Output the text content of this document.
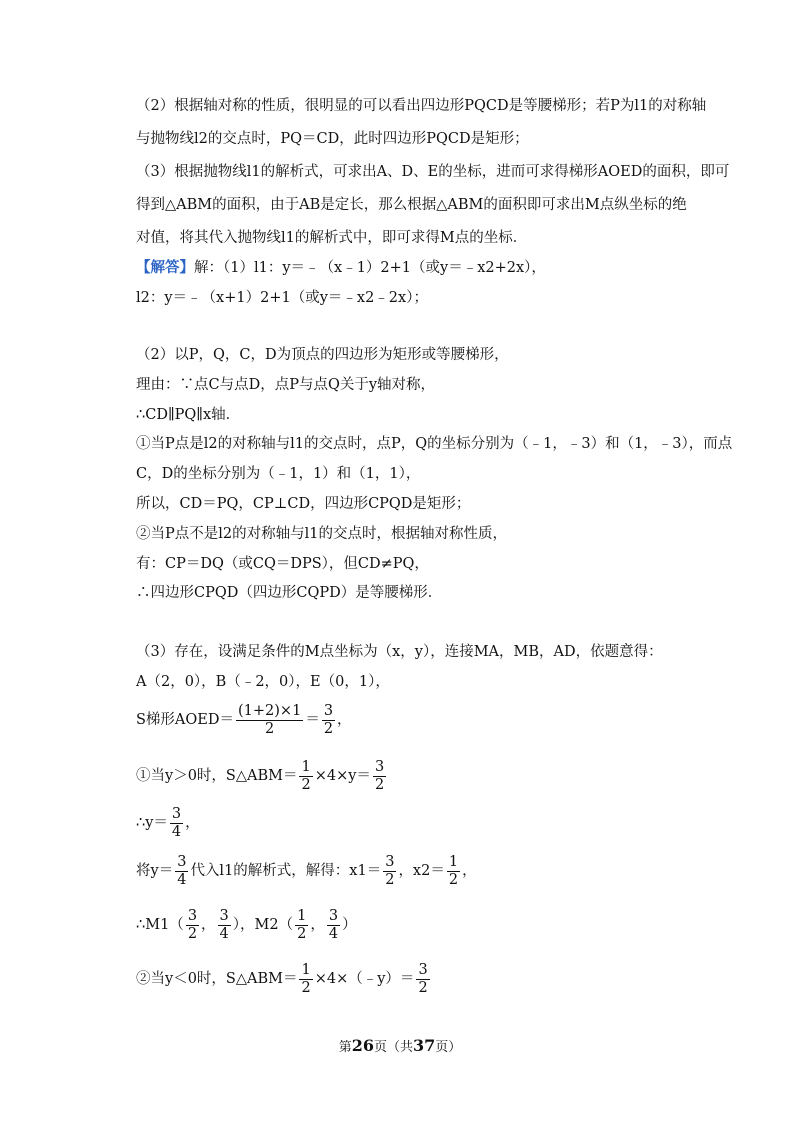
（2）根据轴对称的性质，很明显的可以看出四边形PQCD是等腰梯形；若P为l1的对称轴
与抛物线l2的交点时，PQ＝CD，此时四边形PQCD是矩形；
（3）根据抛物线l1的解析式，可求出A、D、E的坐标，进而可求得梯形AOED的面积，即可
得到△ABM的面积，由于AB是定长，那么根据△ABM的面积即可求出M点纵坐标的绝
对值，将其代入抛物线l1的解析式中，即可求得M点的坐标．
【解答】解：（1）l1：y＝﹣（x﹣1）2+1（或y＝﹣x2+2x），
l2：y＝﹣（x+1）2+1（或y＝﹣x2﹣2x）；
（2）以P，Q，C，D为顶点的四边形为矩形或等腰梯形，
理由：∵点C与点D，点P与点Q关于y轴对称，
∴CD∥PQ∥x轴．
①当P点是l2的对称轴与l1的交点时，点P，Q的坐标分别为（﹣1，﹣3）和（1，﹣3），而点
C，D的坐标分别为（﹣1，1）和（1，1），
所以，CD＝PQ，CP⊥CD，四边形CPQD是矩形；
②当P点不是l2的对称轴与l1的交点时，根据轴对称性质，
有：CP＝DQ（或CQ＝DPS），但CD≠PQ，
∴四边形CPQD（四边形CQPD）是等腰梯形．
（3）存在，设满足条件的M点坐标为（x，y），连接MA，MB，AD，依题意得：
A（2，0），B（﹣2，0），E（0，1），
S梯形AOED＝ $\frac{(1+2)\times 1}{2} = \frac{3}{2}$ ，
①当y＞0时，S△ABM＝ $\frac{1}{2} \times 4\times y= \frac{3}{2}$
∴y＝ $\frac{3}{4}$ ，
将$y= \frac{3}{4}$ 代入l1的解析式，解得：$x1= \frac{3}{2}$ ，$x2= \frac{1}{2}$ ，
∴M1（ $\frac{3}{2}$ ， $\frac{3}{4}$ ），$M2( \frac{1}{2}$ ， $\frac{3}{4}$ ）
②当y＜0时，S△ABM＝ $\frac{1}{2}$ ×4×（﹣y）＝ $\frac{3}{2}$
第26页（共37页）
